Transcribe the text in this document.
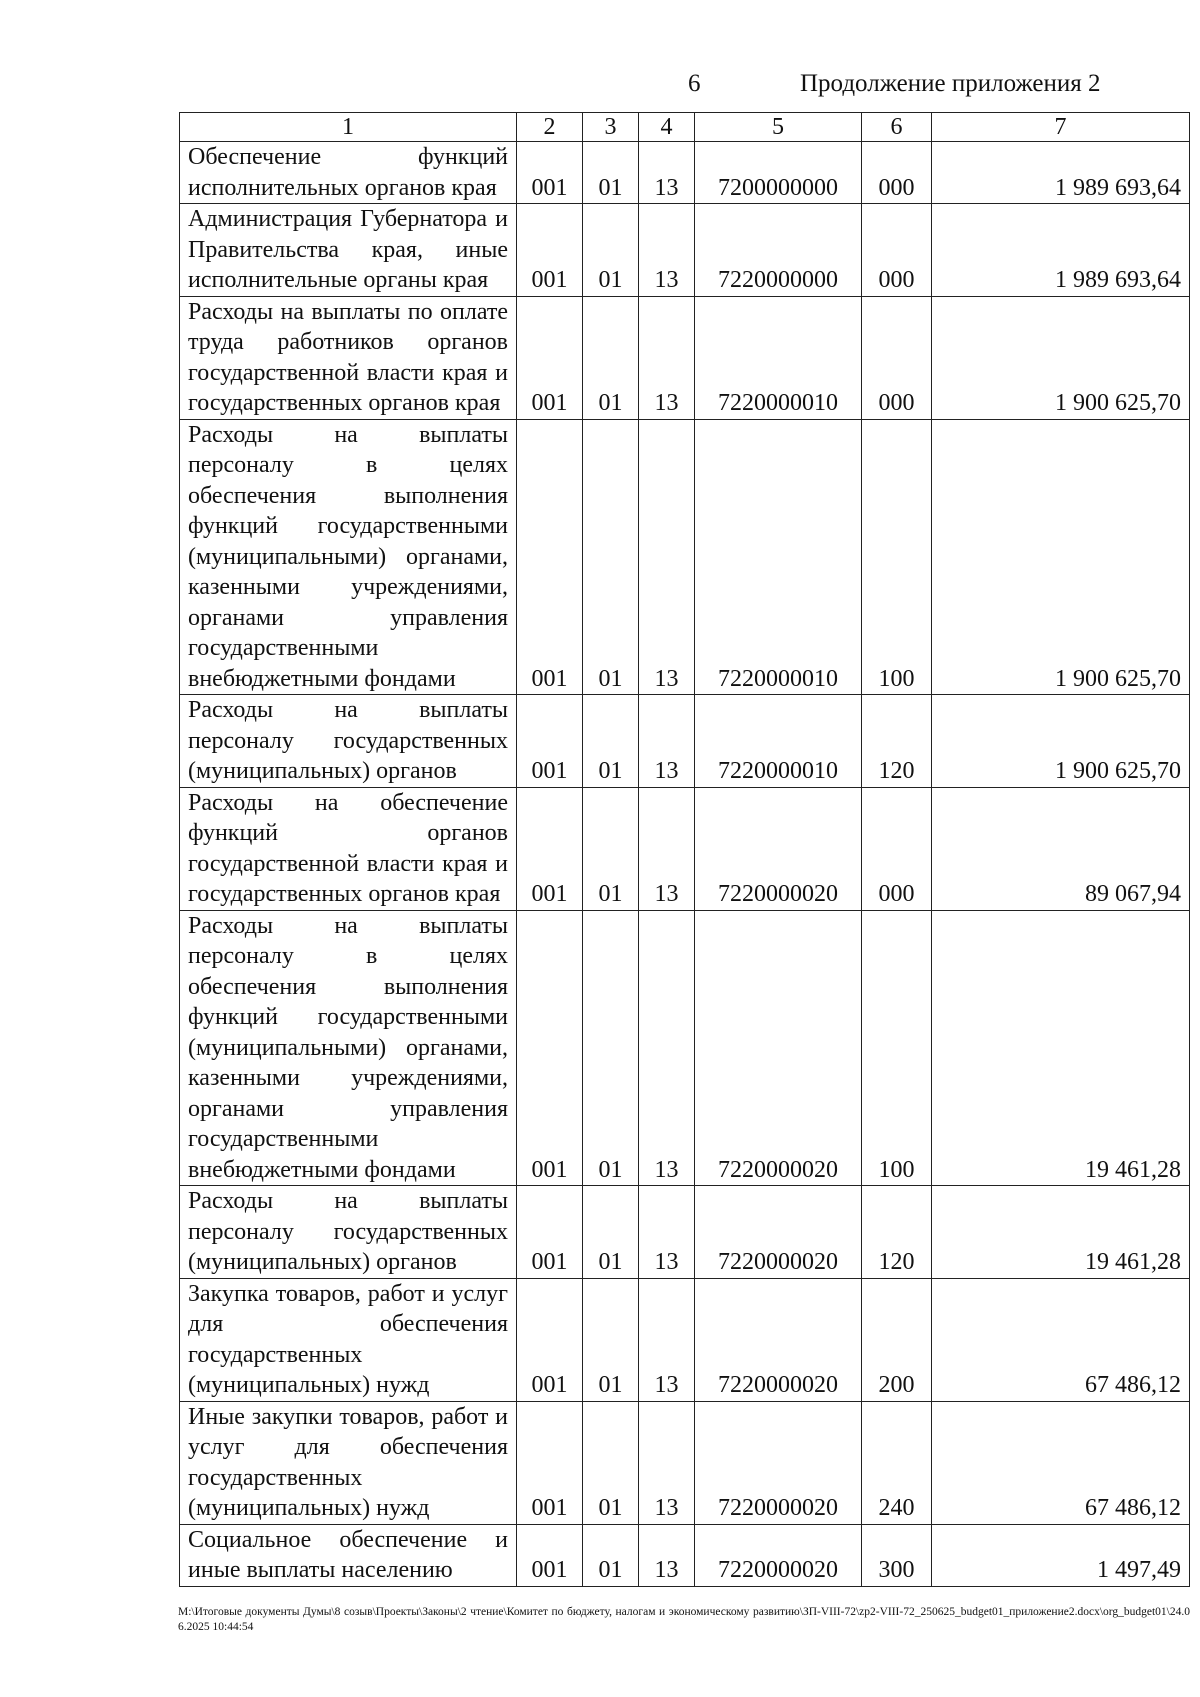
6	Продолжение приложения 2
1	2	3	4	5	6	7
Обеспечение функций исполнительных органов края	001	01	13	7200000000	000	1 989 693,64
Администрация Губернатора и Правительства края, иные исполнительные органы края	001	01	13	7220000000	000	1 989 693,64
Расходы на выплаты по оплате труда работников органов государственной власти края и государственных органов края	001	01	13	7220000010	000	1 900 625,70
Расходы на выплаты персоналу в целях обеспечения выполнения функций государственными (муниципальными) органами, казенными учреждениями, органами управления государственными внебюджетными фондами	001	01	13	7220000010	100	1 900 625,70
Расходы на выплаты персоналу государственных (муниципальных) органов	001	01	13	7220000010	120	1 900 625,70
Расходы на обеспечение функций органов государственной власти края и государственных органов края	001	01	13	7220000020	000	89 067,94
Расходы на выплаты персоналу в целях обеспечения выполнения функций государственными (муниципальными) органами, казенными учреждениями, органами управления государственными внебюджетными фондами	001	01	13	7220000020	100	19 461,28
Расходы на выплаты персоналу государственных (муниципальных) органов	001	01	13	7220000020	120	19 461,28
Закупка товаров, работ и услуг для обеспечения государственных (муниципальных) нужд	001	01	13	7220000020	200	67 486,12
Иные закупки товаров, работ и услуг для обеспечения государственных (муниципальных) нужд	001	01	13	7220000020	240	67 486,12
Социальное обеспечение и иные выплаты населению	001	01	13	7220000020	300	1 497,49
М:\Итоговые документы Думы\8 созыв\Проекты\Законы\2 чтение\Комитет по бюджету, налогам и экономическому развитию\ЗП-VIII-72\zp2-VIII-72_250625_budget01_приложение2.docx\org_budget01\24.06.2025 10:44:54
